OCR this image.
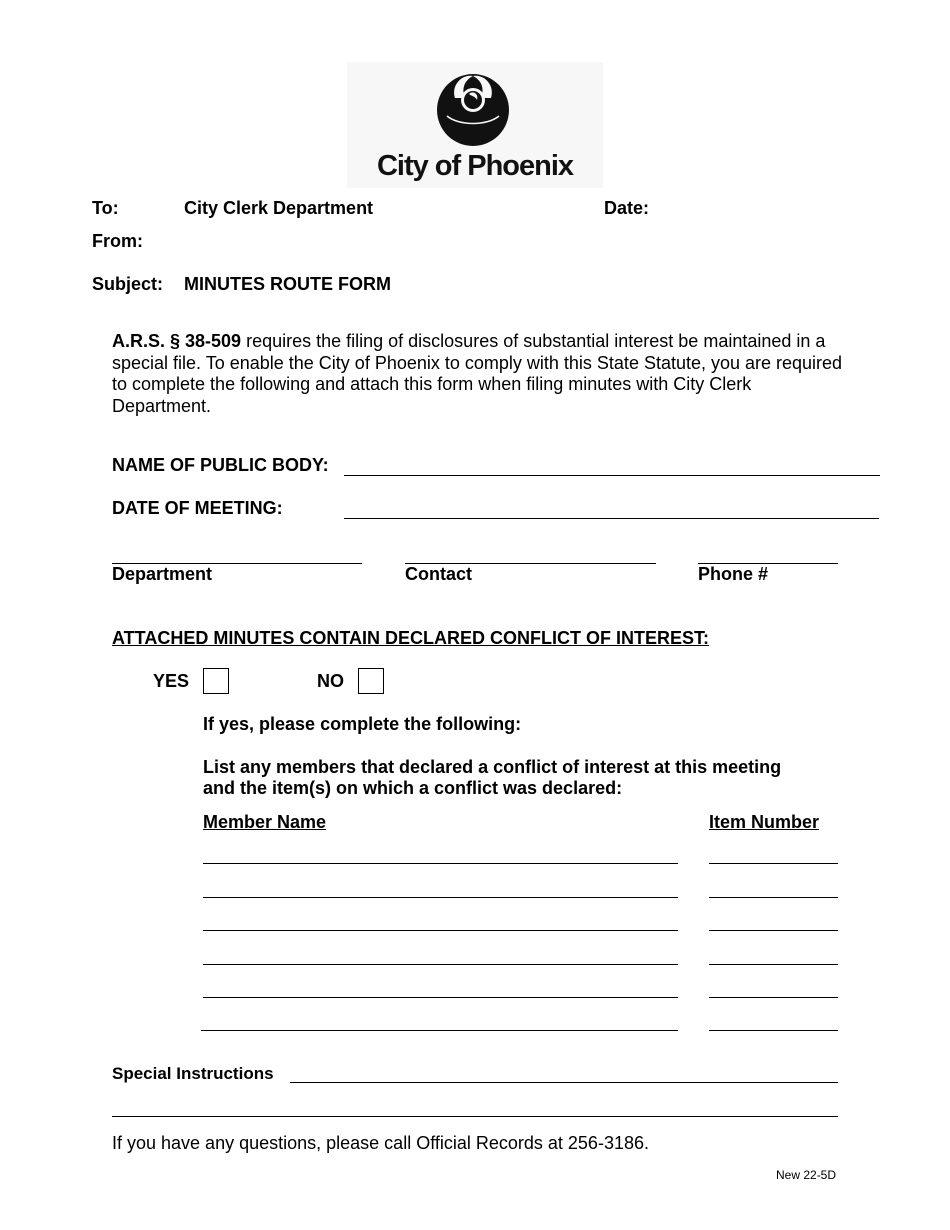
City of Phoenix
To:	City Clerk Department	Date:
From:
Subject: MINUTES ROUTE FORM
A.R.S. § 38-509 requires the filing of disclosures of substantial interest be maintained in a special file. To enable the City of Phoenix to comply with this State Statute, you are required to complete the following and attach this form when filing minutes with City Clerk Department.
NAME OF PUBLIC BODY:
DATE OF MEETING:
Department	Contact	Phone #
ATTACHED MINUTES CONTAIN DECLARED CONFLICT OF INTEREST:
YES	NO
If yes, please complete the following:
List any members that declared a conflict of interest at this meeting
and the item(s) on which a conflict was declared:
Member Name	Item Number
Special Instructions
If you have any questions, please call Official Records at 256-3186.
New 22-5D
